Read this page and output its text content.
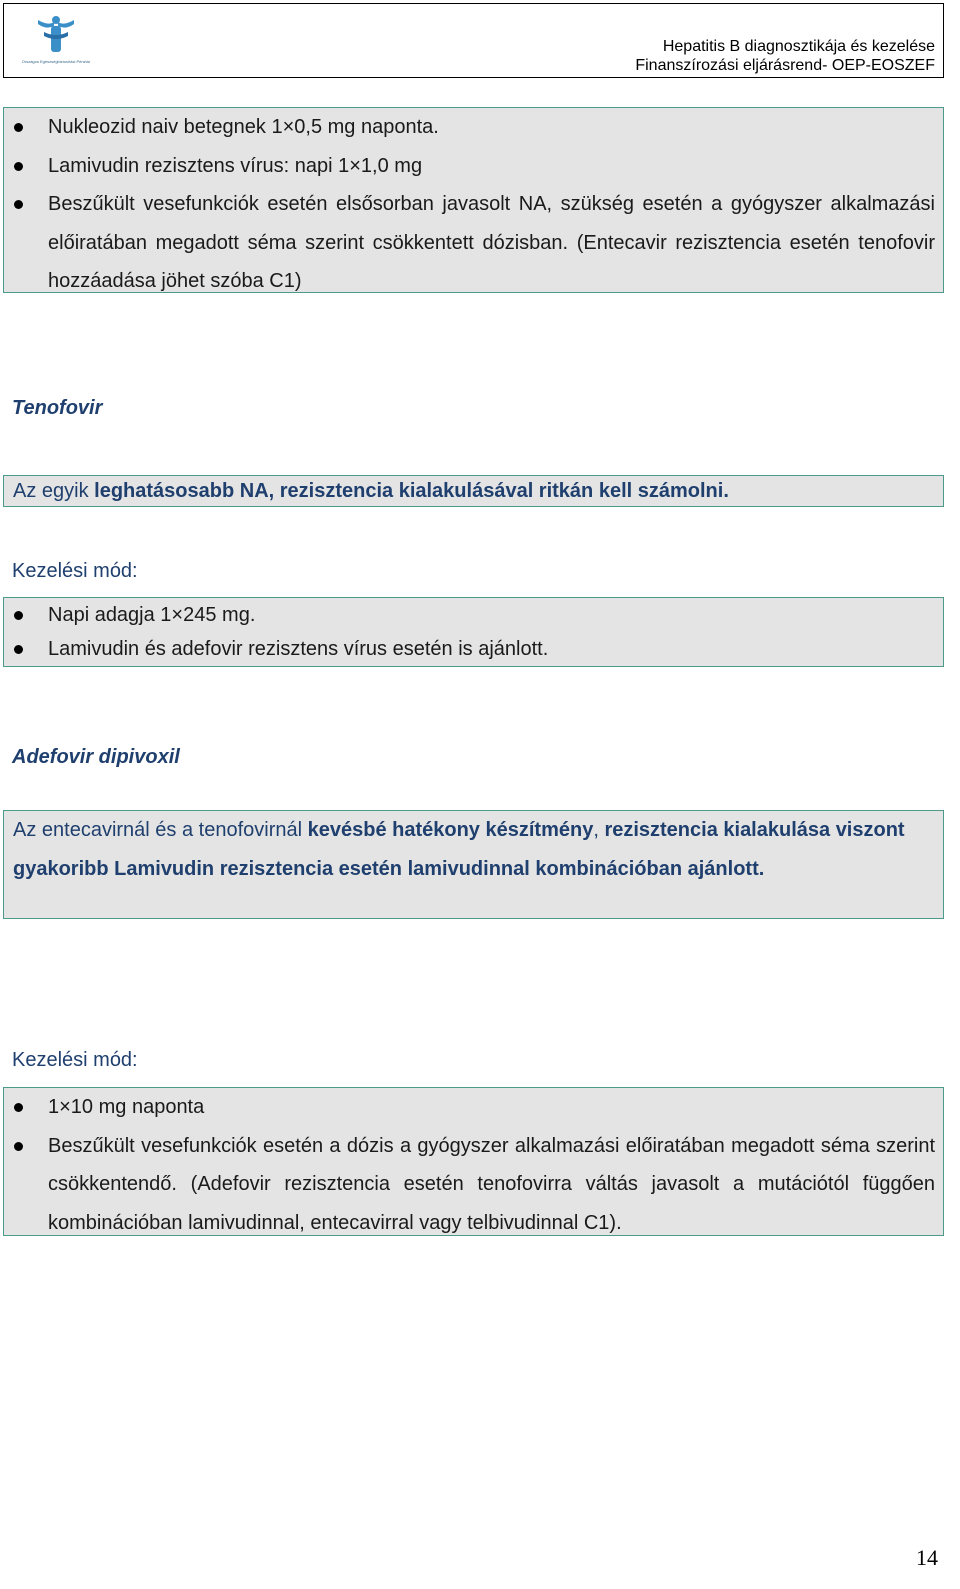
Országos Egészségbiztosítási Pénztár
Hepatitis B diagnosztikája és kezelése
Finanszírozási eljárásrend- OEP-EOSZEF
Nukleozid naiv betegnek 1×0,5 mg naponta.
Lamivudin rezisztens vírus: napi 1×1,0 mg
Beszűkült vesefunkciók esetén elsősorban javasolt NA, szükség esetén a gyógyszer alkalmazási előiratában megadott séma szerint csökkentett dózisban. (Entecavir rezisztencia esetén tenofovir hozzáadása jöhet szóba C1)
Tenofovir
Az egyik leghatásosabb NA, rezisztencia kialakulásával ritkán kell számolni.
Kezelési mód:
Napi adagja 1×245 mg.
Lamivudin és adefovir rezisztens vírus esetén is ajánlott.
Adefovir dipivoxil
Az entecavirnál és a tenofovirnál kevésbé hatékony készítmény, rezisztencia kialakulása viszont gyakoribb Lamivudin rezisztencia esetén lamivudinnal kombinációban ajánlott.
Kezelési mód:
1×10 mg naponta
Beszűkült vesefunkciók esetén a dózis a gyógyszer alkalmazási előiratában megadott séma szerint csökkentendő. (Adefovir rezisztencia esetén tenofovirra váltás javasolt a mutációtól függően kombinációban lamivudinnal, entecavirral vagy telbivudinnal C1).
14
